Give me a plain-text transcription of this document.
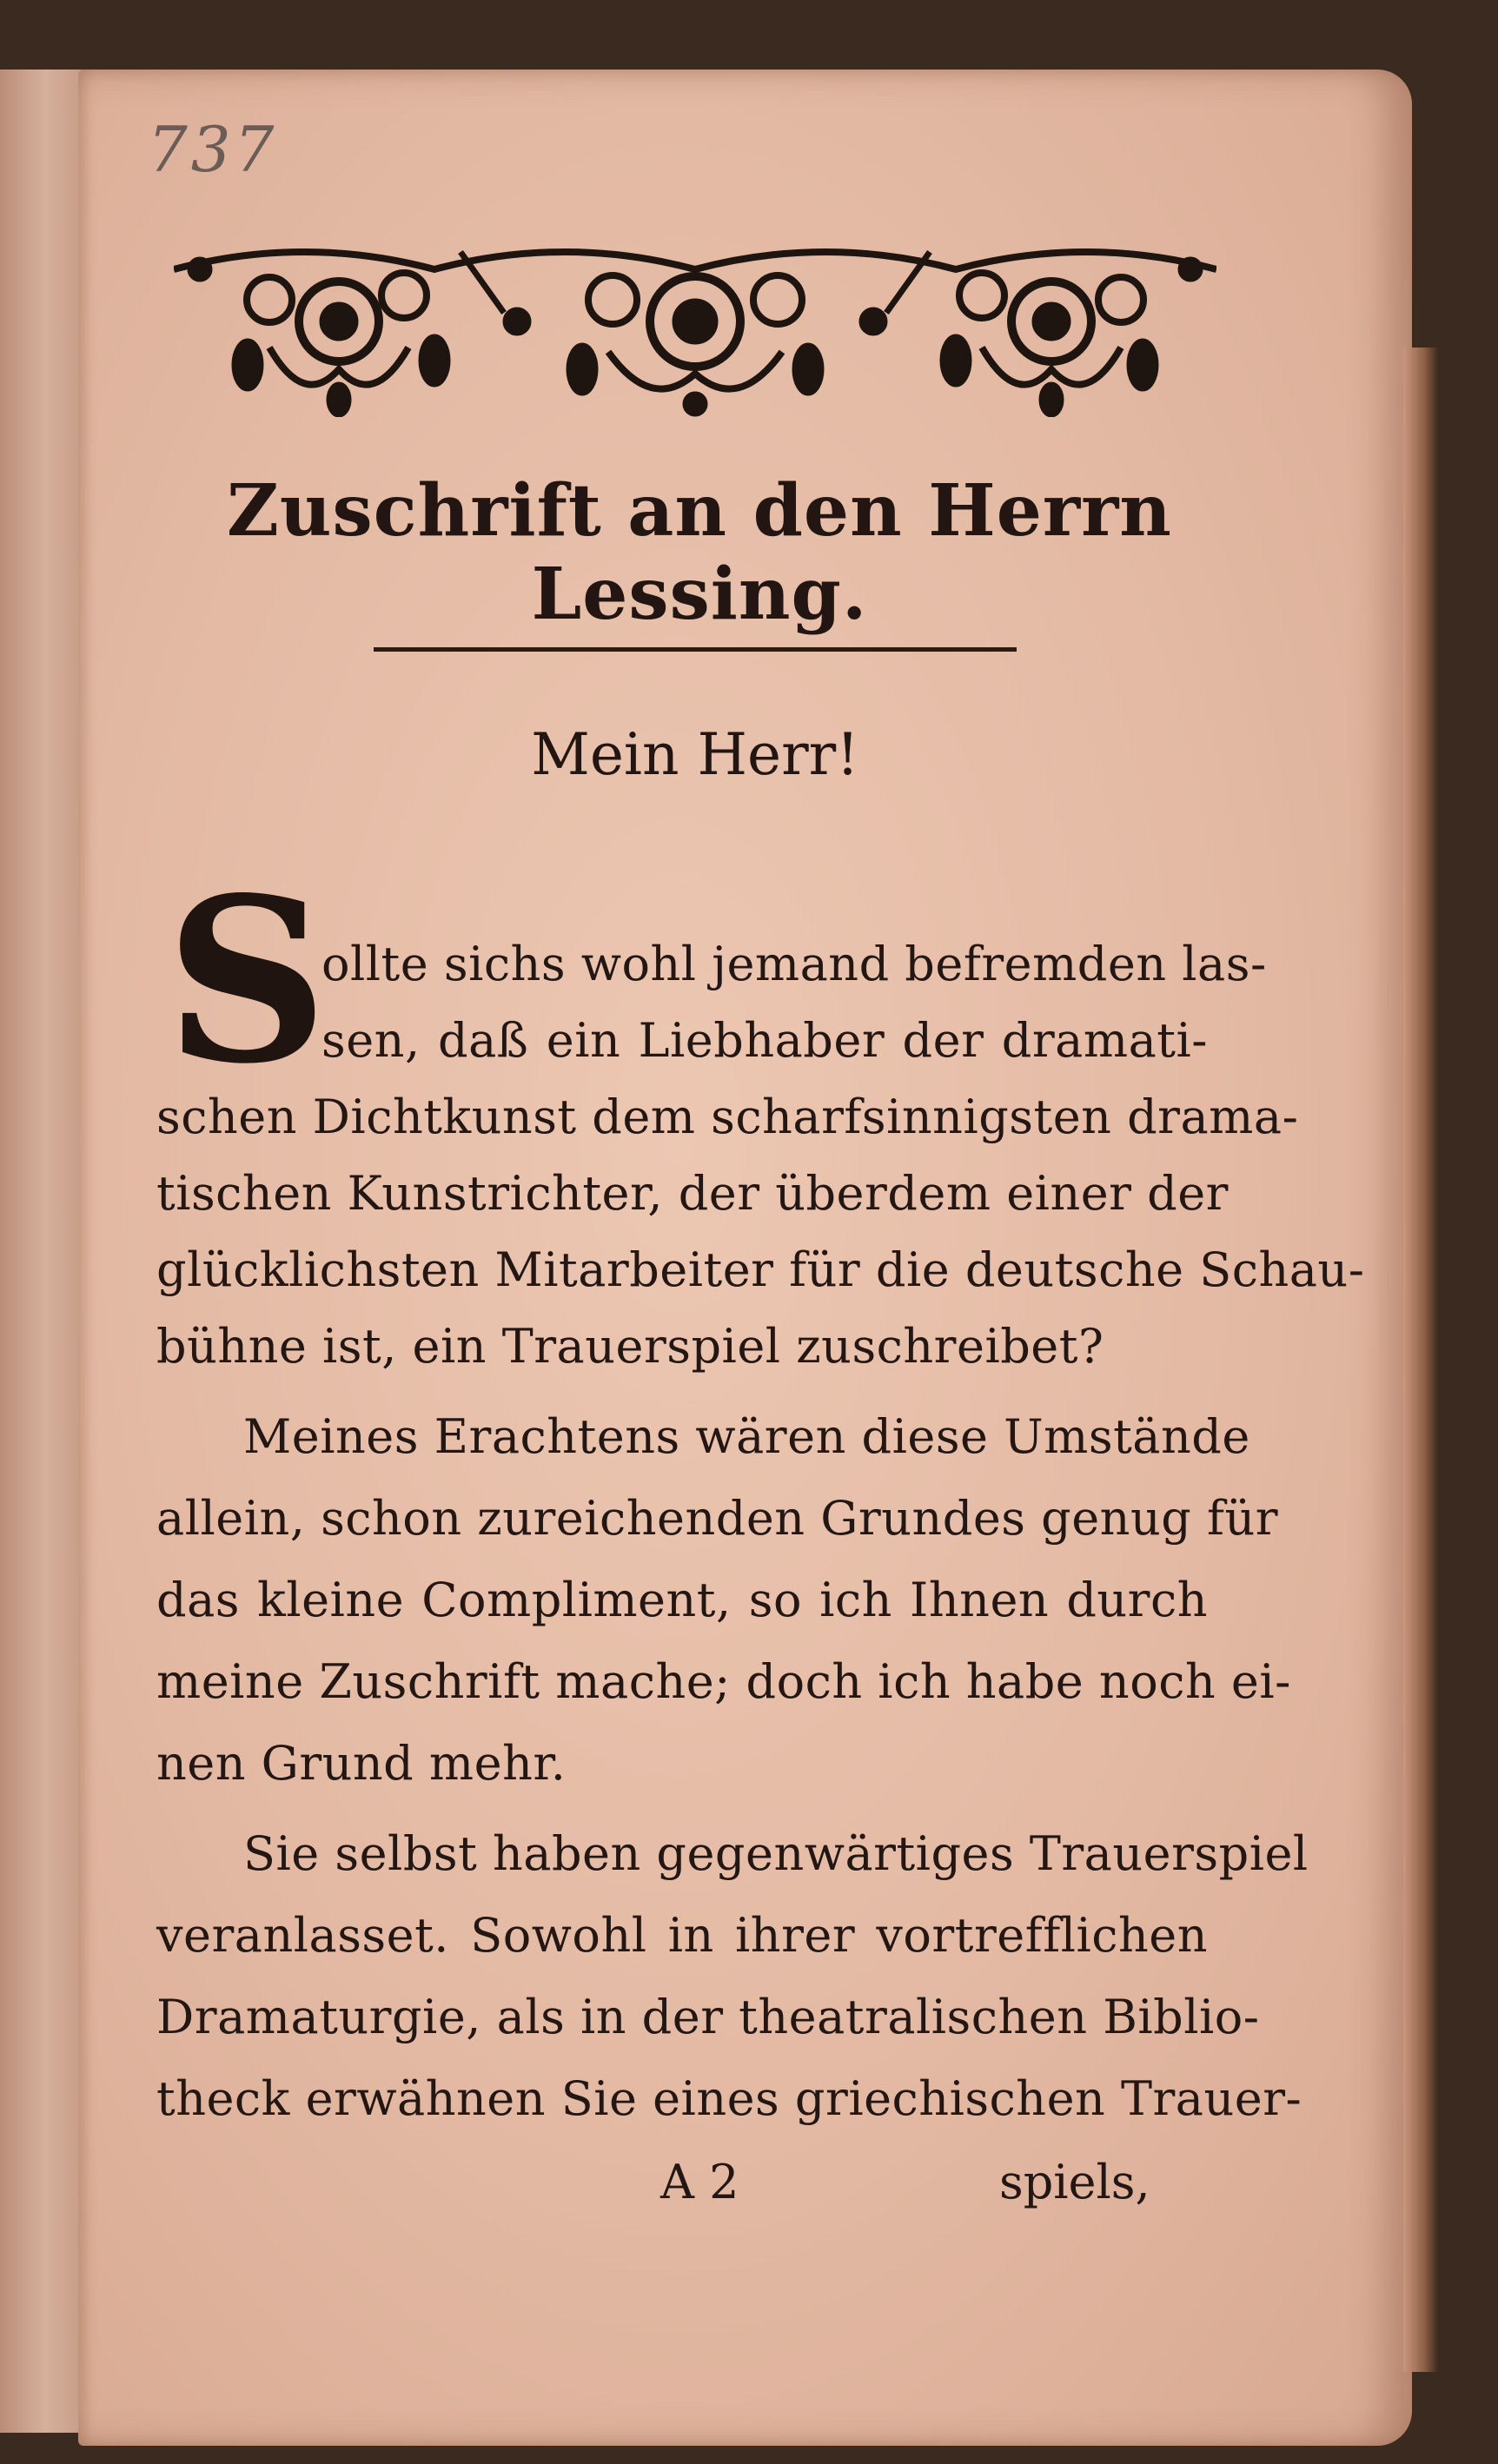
737
Zuschrift an den Herrn Lessing.
Mein Herr!
S
ollte sichs wohl jemand befremden las-
sen, daß ein Liebhaber der dramati-
schen Dichtkunst dem scharfsinnigsten drama-
tischen Kunstrichter, der überdem einer der
glücklichsten Mitarbeiter für die deutsche Schau-
bühne ist, ein Trauerspiel zuschreibet?
Meines Erachtens wären diese Umstände
allein, schon zureichenden Grundes genug für
das kleine Compliment, so ich Ihnen durch
meine Zuschrift mache; doch ich habe noch ei-
nen Grund mehr.
Sie selbst haben gegenwärtiges Trauerspiel
veranlasset. Sowohl in ihrer vortrefflichen
Dramaturgie, als in der theatralischen Biblio-
theck erwähnen Sie eines griechischen Trauer-
A 2	spiels,
